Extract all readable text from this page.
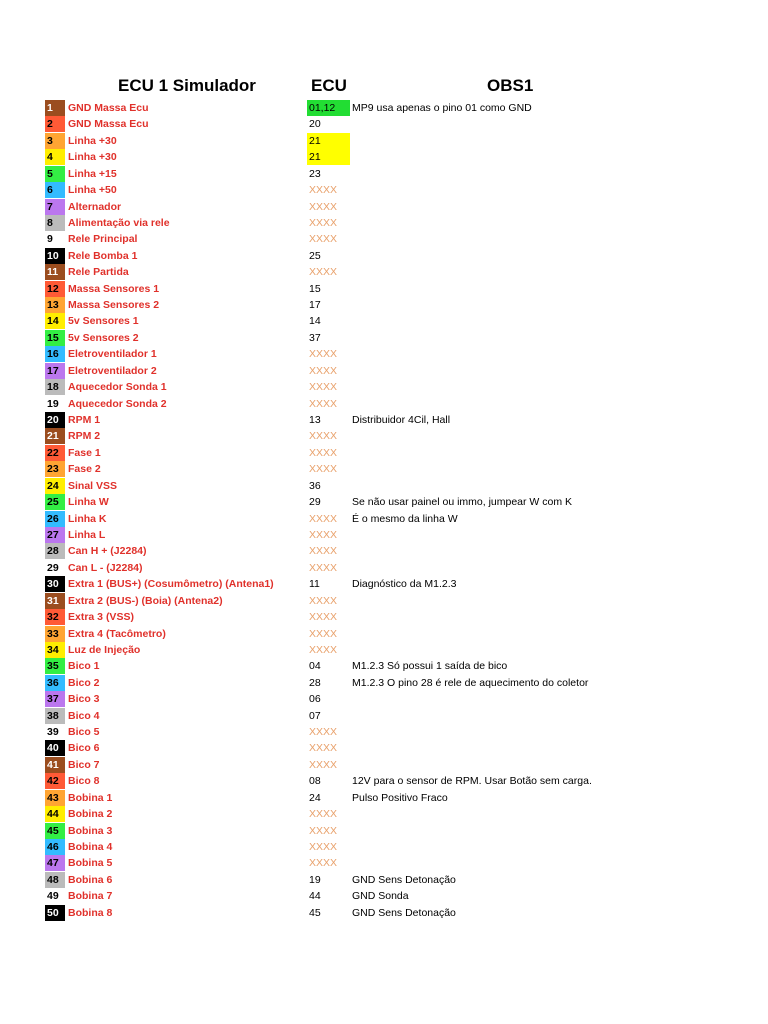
ECU 1 Simulador	ECU	OBS1
1	GND Massa Ecu	01,12	MP9 usa apenas o pino 01 como GND
2	GND Massa Ecu	20
3	Linha +30	21
4	Linha +30	21
5	Linha +15	23
6	Linha +50	XXXX
7	Alternador	XXXX
8	Alimentação via rele	XXXX
9	Rele Principal	XXXX
10 Rele Bomba 1	25
11 Rele Partida	XXXX
12 Massa Sensores 1	15
13 Massa Sensores 2	17
14 5v Sensores 1	14
15 5v Sensores 2	37
16 Eletroventilador 1	XXXX
17 Eletroventilador 2	XXXX
18 Aquecedor Sonda 1	XXXX
19 Aquecedor Sonda 2	XXXX
20 RPM 1	13	Distribuidor 4Cil, Hall
21 RPM 2	XXXX
22 Fase 1	XXXX
23 Fase 2	XXXX
24 Sinal VSS	36
25 Linha W	29	Se não usar painel ou immo, jumpear W com K
26 Linha K	XXXX	É o mesmo da linha W
27 Linha L	XXXX
28 Can H + (J2284)	XXXX
29 Can L - (J2284)	XXXX
30 Extra 1 (BUS+) (Cosumômetro) (Antena1)	11	Diagnóstico da M1.2.3
31 Extra 2 (BUS-) (Boia) (Antena2)	XXXX
32 Extra 3 (VSS)	XXXX
33 Extra 4 (Tacômetro)	XXXX
34 Luz de Injeção	XXXX
35 Bico 1	04	M1.2.3 Só possui 1 saída de bico
36 Bico 2	28	M1.2.3 O pino 28 é rele de aquecimento do coletor
37 Bico 3	06
38 Bico 4	07
39 Bico 5	XXXX
40 Bico 6	XXXX
41 Bico 7	XXXX
42 Bico 8	08	12V para o sensor de RPM. Usar Botão sem carga.
43 Bobina 1	24	Pulso Positivo Fraco
44 Bobina 2	XXXX
45 Bobina 3	XXXX
46 Bobina 4	XXXX
47 Bobina 5	XXXX
48 Bobina 6	19	GND Sens Detonação
49 Bobina 7	44	GND Sonda
50 Bobina 8	45	GND Sens Detonação
